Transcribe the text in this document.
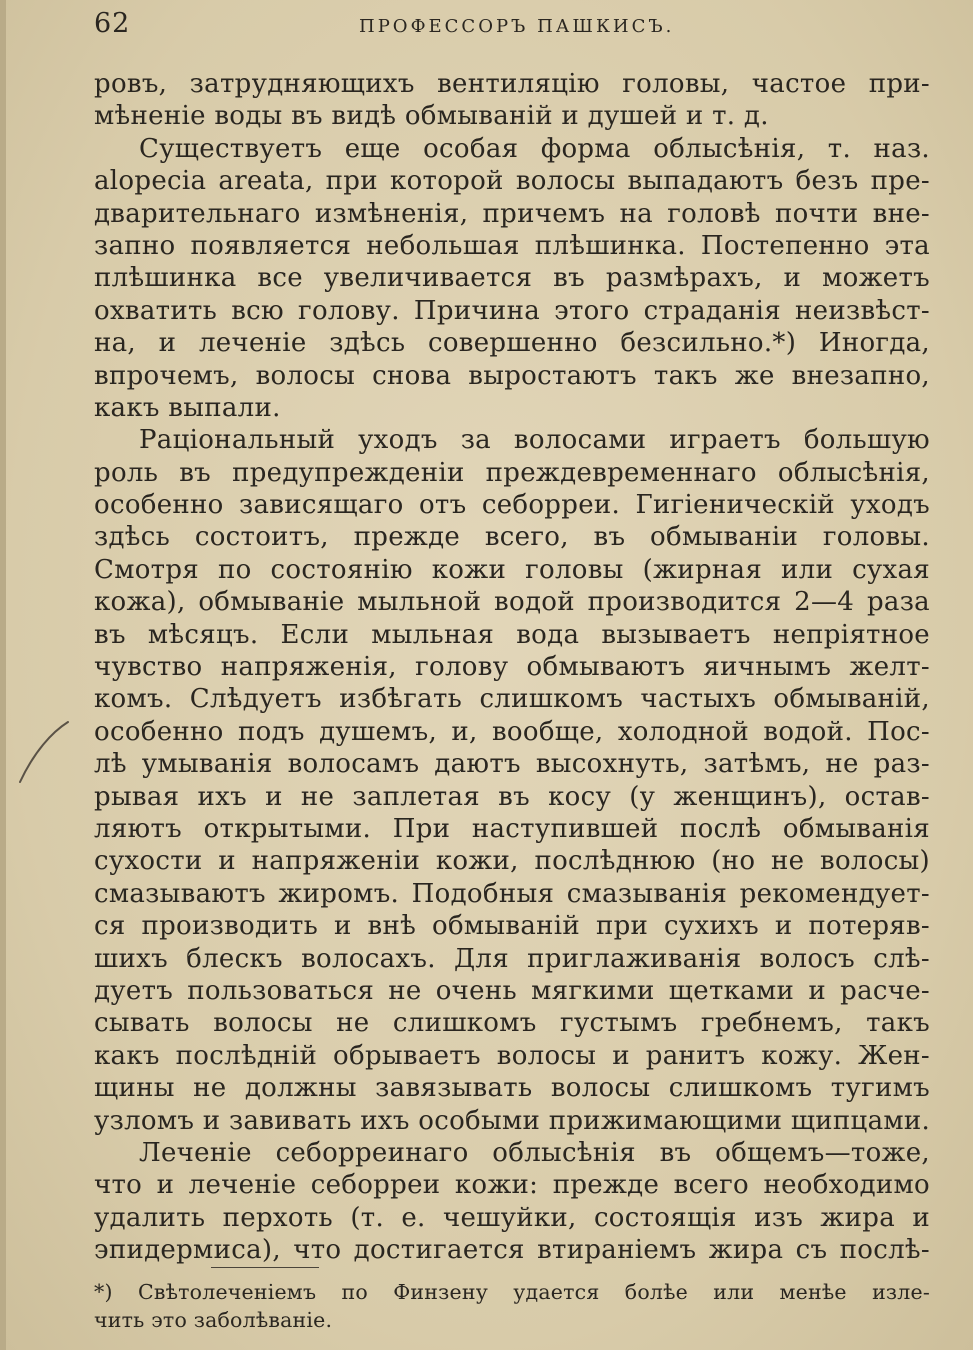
62	ПРОФЕССОРЪ ПАШКИСЪ.

ровъ, затрудняющихъ вентиляцію головы, частое при-
мѣненіе воды въ видѣ обмыванiй и душей и т. д.

Существуетъ еще особая форма облысѣнія, т. наз.
alopecia areata, при которой волосы выпадаютъ безъ пре-
дварительнаго измѣненія, причемъ на головѣ почти вне-
запно появляется небольшая плѣшинка. Постепенно эта
плѣшинка все увеличивается въ размѣрахъ, и можетъ
охватить всю голову. Причина этого страданія неизвѣст-
на, и леченіе здѣсь совершенно безсильно.*) Иногда,
впрочемъ, волосы снова выростаютъ такъ же внезапно,
какъ выпали.

Раціональный уходъ за волосами играетъ большую
роль въ предупрежденіи преждевременнаго облысѣнія,
особенно зависящаго отъ себорреи. Гигіеническій уходъ
здѣсь состоитъ, прежде всего, въ обмываніи головы.
Смотря по состоянію кожи головы (жирная или сухая
кожа), обмываніе мыльной водой производится 2—4 раза
въ мѣсяцъ. Если мыльная вода вызываетъ непріятное
чувство напряженія, голову обмываютъ яичнымъ желт-
комъ. Слѣдуетъ избѣгать слишкомъ частыхъ обмываній,
особенно подъ душемъ, и, вообще, холодной водой. Пос-
лѣ умыванія волосамъ даютъ высохнуть, затѣмъ, не раз-
рывая ихъ и не заплетая въ косу (у женщинъ), остав-
ляютъ открытыми. При наступившей послѣ обмыванія
сухости и напряженіи кожи, послѣднюю (но не волосы)
смазываютъ жиромъ. Подобныя смазыванія рекомендует-
ся производить и внѣ обмываній при сухихъ и потеряв-
шихъ блескъ волосахъ. Для приглаживанія волосъ слѣ-
дуетъ пользоваться не очень мягкими щетками и расче-
сывать волосы не слишкомъ густымъ гребнемъ, такъ
какъ послѣдній обрываетъ волосы и ранитъ кожу. Жен-
щины не должны завязывать волосы слишкомъ тугимъ
узломъ и завивать ихъ особыми прижимающими щипцами.

Леченіе себорреинаго облысѣнія въ общемъ—тоже,
что и леченіе себорреи кожи: прежде всего необходимо
удалить перхоть (т. е. чешуйки, состоящія изъ жира и
эпидермиса), что достигается втираніемъ жира съ послѣ-

*) Свѣтолеченіемъ по Финзену удается болѣе или менѣе излe-
чить это заболѣваніе.
